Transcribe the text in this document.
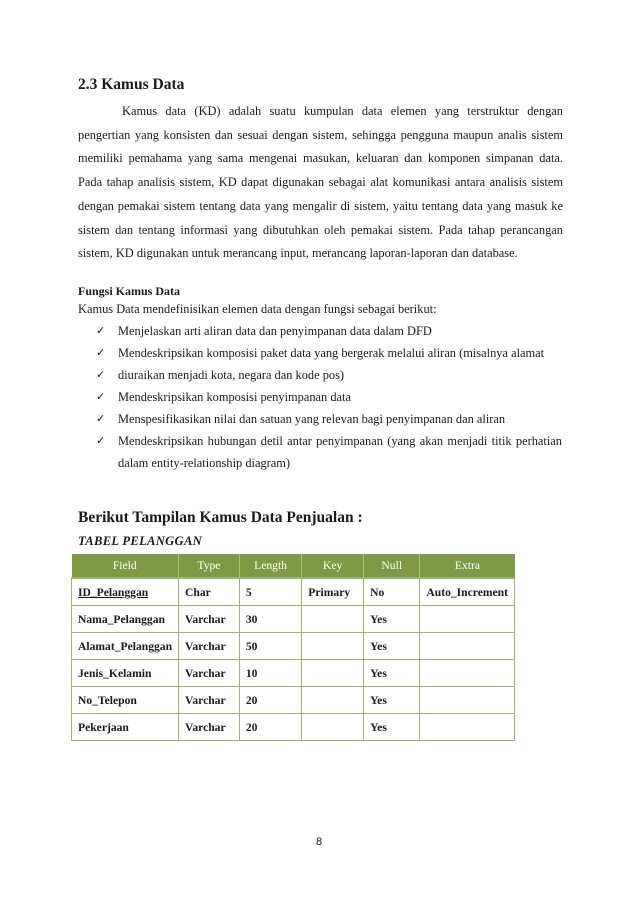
2.3 Kamus Data

Kamus data (KD) adalah suatu kumpulan data elemen yang terstruktur dengan pengertian yang konsisten dan sesuai dengan sistem, sehingga pengguna maupun analis sistem memiliki pemahama yang sama mengenai masukan, keluaran dan komponen simpanan data. Pada tahap analisis sistem, KD dapat digunakan sebagai alat komunikasi antara analisis sistem dengan pemakai sistem tentang data yang mengalir di sistem, yaitu tentang data yang masuk ke sistem dan tentang informasi yang dibutuhkan oleh pemakai sistem. Pada tahap perancangan sistem, KD digunakan untuk merancang input, merancang laporan-laporan dan database.

Fungsi Kamus Data

Kamus Data mendefinisikan elemen data dengan fungsi sebagai berikut:

✓ Menjelaskan arti aliran data dan penyimpanan data dalam DFD
✓ Mendeskripsikan komposisi paket data yang bergerak melalui aliran (misalnya alamat
✓ diuraikan menjadi kota, negara dan kode pos)
✓ Mendeskripsikan komposisi penyimpanan data
✓ Menspesifikasikan nilai dan satuan yang relevan bagi penyimpanan dan aliran
✓ Mendeskripsikan hubungan detil antar penyimpanan (yang akan menjadi titik perhatian dalam entity-relationship diagram)
Berikut Tampilan Kamus Data Penjualan :

TABEL PELANGGAN

Field	Type	Length	Key	Null	Extra
ID_Pelanggan	Char	5	Primary	No	Auto_Increment
Nama_Pelanggan	Varchar	30		Yes	
Alamat_Pelanggan	Varchar	50		Yes	
Jenis_Kelamin	Varchar	10		Yes	
No_Telepon	Varchar	20		Yes	
Pekerjaan	Varchar	20		Yes	

8
